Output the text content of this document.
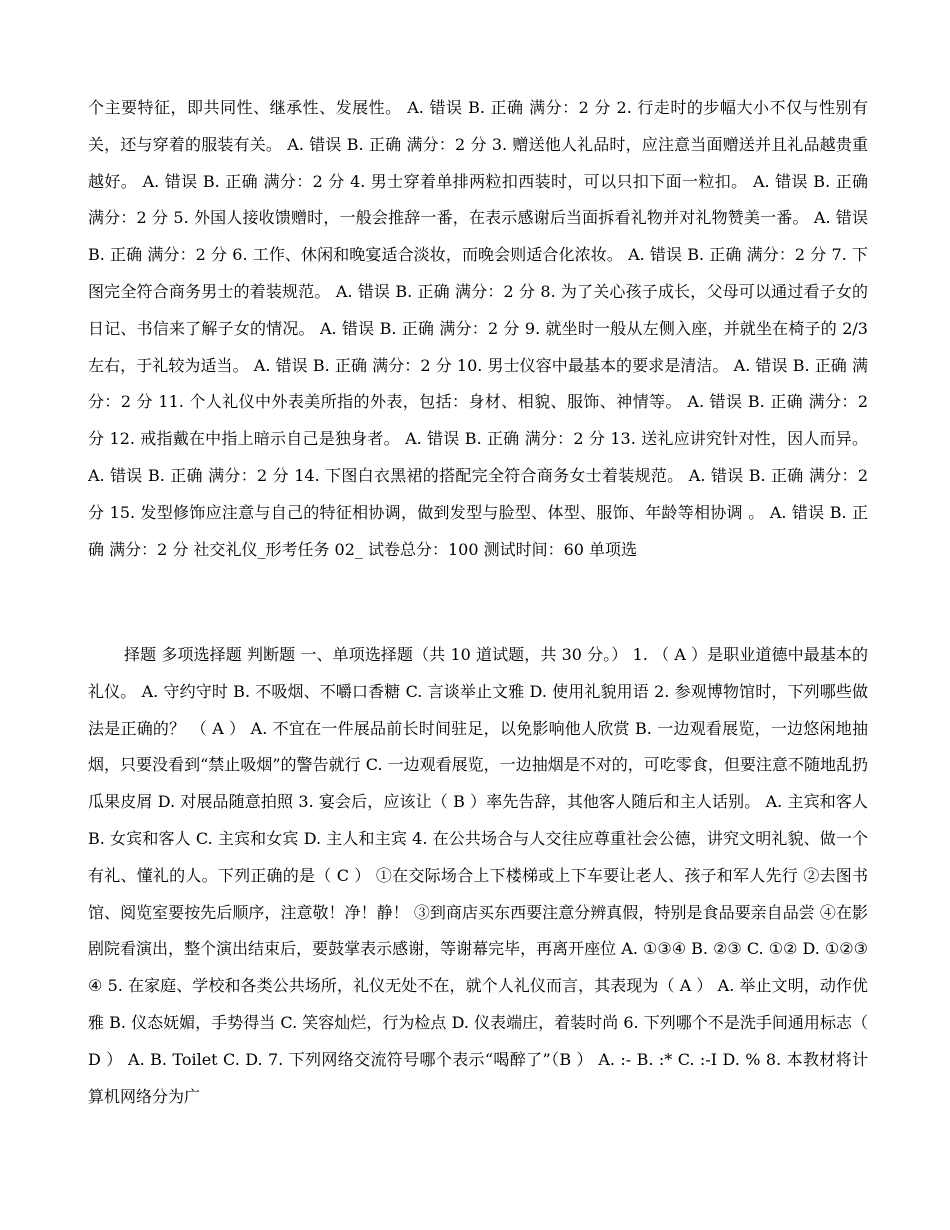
个主要特征，即共同性、继承性、发展性。 A. 错误 B. 正确 满分：2 分 2. 行走时的步幅大小不仅与性别有关，还与穿着的服装有关。 A. 错误 B. 正确 满分：2 分 3. 赠送他人礼品时，应注意当面赠送并且礼品越贵重越好。 A. 错误 B. 正确 满分：2 分 4. 男士穿着单排两粒扣西装时，可以只扣下面一粒扣。 A. 错误 B. 正确 满分：2 分 5. 外国人接收馈赠时，一般会推辞一番，在表示感谢后当面拆看礼物并对礼物赞美一番。 A. 错误 B. 正确 满分：2 分 6. 工作、休闲和晚宴适合淡妆，而晚会则适合化浓妆。 A. 错误 B. 正确 满分：2 分 7. 下图完全符合商务男士的着装规范。 A. 错误 B. 正确 满分：2 分 8. 为了关心孩子成长，父母可以通过看子女的日记、书信来了解子女的情况。 A. 错误 B. 正确 满分：2 分 9. 就坐时一般从左侧入座，并就坐在椅子的 2/3 左右，于礼较为适当。 A. 错误 B. 正确 满分：2 分 10. 男士仪容中最基本的要求是清洁。 A. 错误 B. 正确 满分：2 分 11. 个人礼仪中外表美所指的外表，包括：身材、相貌、服饰、神情等。 A. 错误 B. 正确 满分：2 分 12. 戒指戴在中指上暗示自己是独身者。 A. 错误 B. 正确 满分：2 分 13. 送礼应讲究针对性，因人而异。 A. 错误 B. 正确 满分：2 分 14. 下图白衣黑裙的搭配完全符合商务女士着装规范。 A. 错误 B. 正确 满分：2 分 15. 发型修饰应注意与自己的特征相协调，做到发型与脸型、体型、服饰、年龄等相协调 。 A. 错误 B. 正确 满分：2 分 社交礼仪_形考任务 02_ 试卷总分：100 测试时间：60 单项选

择题 多项选择题 判断题 一、单项选择题（共 10 道试题，共 30 分。） 1. （ A ）是职业道德中最基本的礼仪。 A. 守约守时 B. 不吸烟、不嚼口香糖 C. 言谈举止文雅 D. 使用礼貌用语 2. 参观博物馆时，下列哪些做法是正确的？ （ A ） A. 不宜在一件展品前长时间驻足，以免影响他人欣赏 B. 一边观看展览，一边悠闲地抽烟，只要没看到“禁止吸烟”的警告就行 C. 一边观看展览，一边抽烟是不对的，可吃零食，但要注意不随地乱扔瓜果皮屑 D. 对展品随意拍照 3. 宴会后，应该让（ B ）率先告辞，其他客人随后和主人话别。 A. 主宾和客人 B. 女宾和客人 C. 主宾和女宾 D. 主人和主宾 4. 在公共场合与人交往应尊重社会公德，讲究文明礼貌、做一个有礼、懂礼的人。下列正确的是（ C ） ①在交际场合上下楼梯或上下车要让老人、孩子和军人先行 ②去图书馆、阅览室要按先后顺序，注意敬！净！静！ ③到商店买东西要注意分辨真假，特别是食品要亲自品尝 ④在影剧院看演出，整个演出结束后，要鼓掌表示感谢，等谢幕完毕，再离开座位 A. ①③④ B. ②③ C. ①② D. ①②③④ 5. 在家庭、学校和各类公共场所，礼仪无处不在，就个人礼仪而言，其表现为（ A ） A. 举止文明，动作优雅 B. 仪态妩媚，手势得当 C. 笑容灿烂，行为检点 D. 仪表端庄，着装时尚 6. 下列哪个不是洗手间通用标志（ D ） A. B. Toilet C. D. 7. 下列网络交流符号哪个表示“喝醉了”（B ） A. :- B. :* C. :-I D. % 8. 本教材将计算机网络分为广
